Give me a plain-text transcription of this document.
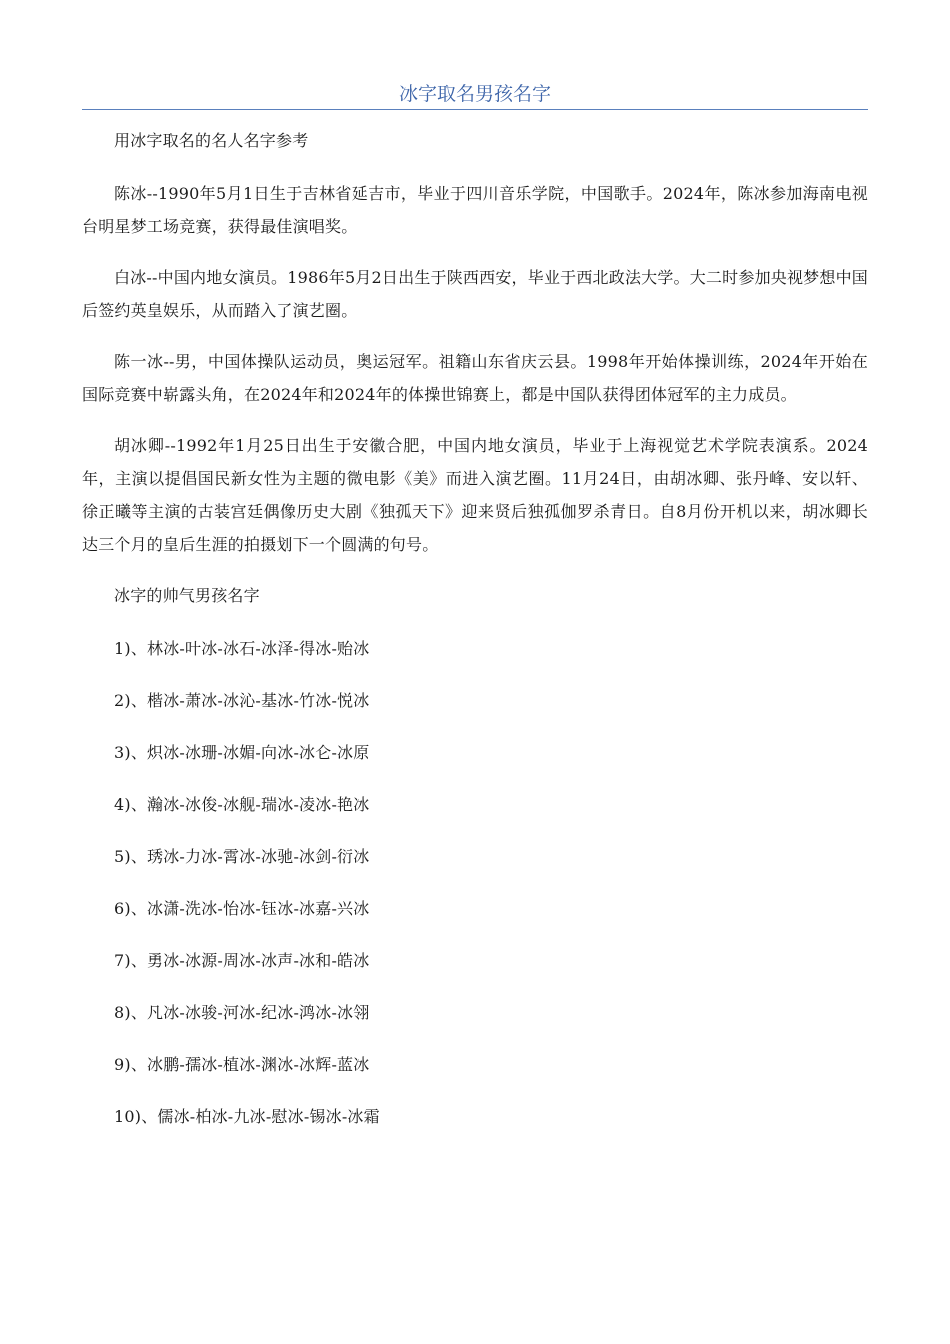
冰字取名男孩名字

用冰字取名的名人名字参考

陈冰--1990年5月1日生于吉林省延吉市，毕业于四川音乐学院，中国歌手。2024年，陈冰参加海南电视台明星梦工场竞赛，获得最佳演唱奖。

白冰--中国内地女演员。1986年5月2日出生于陕西西安，毕业于西北政法大学。大二时参加央视梦想中国后签约英皇娱乐，从而踏入了演艺圈。

陈一冰--男，中国体操队运动员，奥运冠军。祖籍山东省庆云县。1998年开始体操训练，2024年开始在国际竞赛中崭露头角，在2024年和2024年的体操世锦赛上，都是中国队获得团体冠军的主力成员。

胡冰卿--1992年1月25日出生于安徽合肥，中国内地女演员，毕业于上海视觉艺术学院表演系。2024年，主演以提倡国民新女性为主题的微电影《美》而进入演艺圈。11月24日，由胡冰卿、张丹峰、安以轩、徐正曦等主演的古装宫廷偶像历史大剧《独孤天下》迎来贤后独孤伽罗杀青日。自8月份开机以来，胡冰卿长达三个月的皇后生涯的拍摄划下一个圆满的句号。

冰字的帅气男孩名字

1)、林冰-叶冰-冰石-冰泽-得冰-贻冰
2)、楷冰-萧冰-冰沁-基冰-竹冰-悦冰
3)、炽冰-冰珊-冰媚-向冰-冰仑-冰原
4)、瀚冰-冰俊-冰舰-瑞冰-凌冰-艳冰
5)、琇冰-力冰-霄冰-冰驰-冰剑-衍冰
6)、冰潇-洗冰-怡冰-钰冰-冰嘉-兴冰
7)、勇冰-冰源-周冰-冰声-冰和-皓冰
8)、凡冰-冰骏-河冰-纪冰-鸿冰-冰翎
9)、冰鹏-孺冰-植冰-渊冰-冰辉-蓝冰
10)、儒冰-柏冰-九冰-慰冰-锡冰-冰霜
